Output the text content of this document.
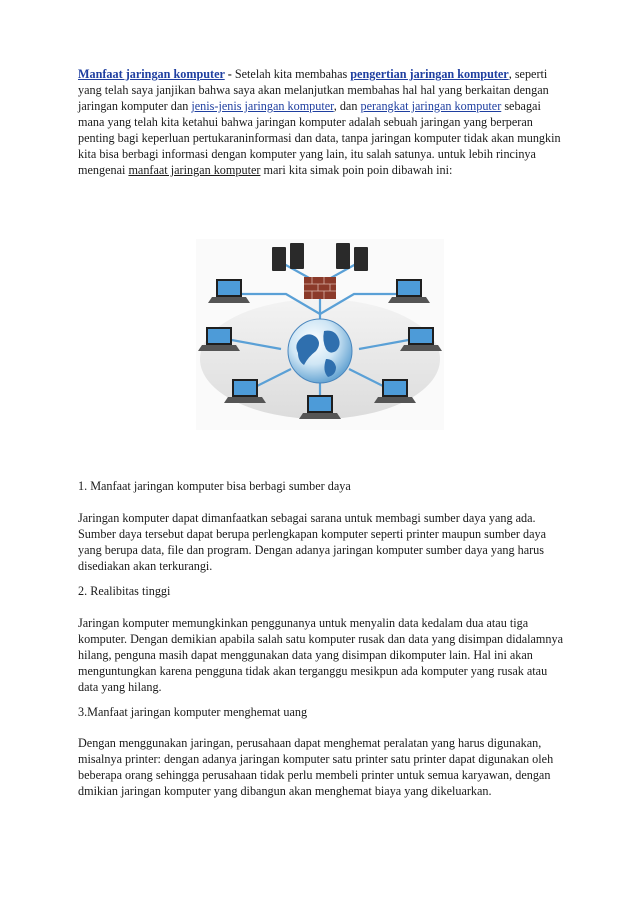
Manfaat jaringan komputer - Setelah kita membahas pengertian jaringan komputer, seperti yang telah saya janjikan bahwa saya akan melanjutkan membahas hal hal yang berkaitan dengan jaringan komputer dan jenis-jenis jaringan komputer, dan perangkat jaringan komputer sebagai mana yang telah kita ketahui bahwa jaringan komputer adalah sebuah jaringan yang berperan penting bagi keperluan pertukaraninformasi dan data, tanpa jaringan komputer tidak akan mungkin kita bisa berbagi informasi dengan komputer yang lain, itu salah satunya. untuk lebih rincinya mengenai manfaat jaringan komputer mari kita simak poin poin dibawah ini:

1. Manfaat jaringan komputer bisa berbagi sumber daya

Jaringan komputer dapat dimanfaatkan sebagai sarana untuk membagi sumber daya yang ada. Sumber daya tersebut dapat berupa perlengkapan komputer seperti printer maupun sumber daya yang berupa data, file dan program. Dengan adanya jaringan komputer sumber daya yang harus disediakan akan terkurangi.

2. Realibitas tinggi

Jaringan komputer memungkinkan penggunanya untuk menyalin data kedalam dua atau tiga komputer. Dengan demikian apabila salah satu komputer rusak dan data yang disimpan didalamnya hilang, penguna masih dapat menggunakan data yang disimpan dikomputer lain. Hal ini akan menguntungkan karena pengguna tidak akan terganggu mesikpun ada komputer yang rusak atau data yang hilang.

3.Manfaat jaringan komputer menghemat uang

Dengan menggunakan jaringan, perusahaan dapat menghemat peralatan yang harus digunakan, misalnya printer: dengan adanya jaringan komputer satu printer satu printer dapat digunakan oleh beberapa orang sehingga perusahaan tidak perlu membeli printer untuk semua karyawan, dengan dmikian jaringan komputer yang dibangun akan menghemat biaya yang dikeluarkan.
